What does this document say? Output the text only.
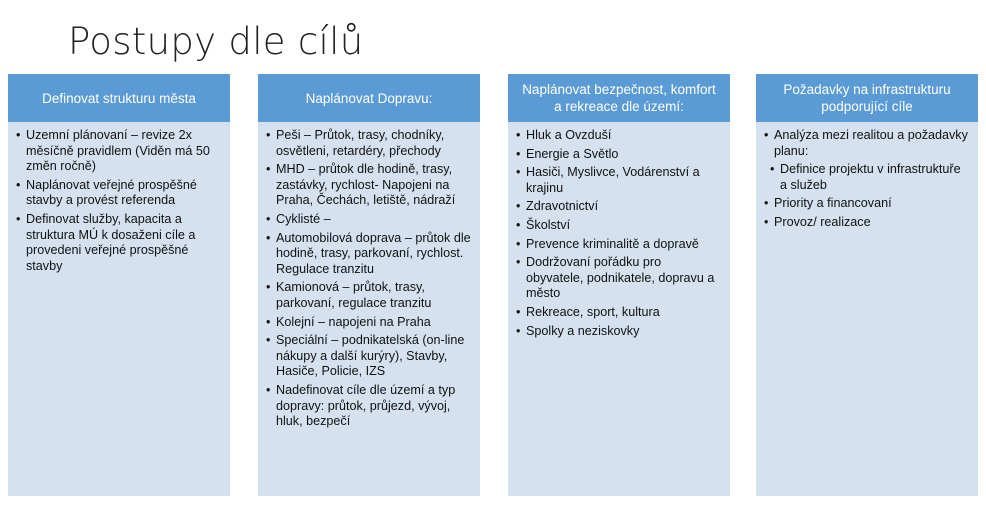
Postupy dle cílů
Definovat strukturu města
• Uzemní plánovaní – revize 2x měsíčně pravidlem (Viděn má 50 změn ročně)
• Naplánovat veřejné prospěšné stavby a provést referenda
• Definovat služby, kapacita a struktura MÚ k dosaženi cíle a provedeni veřejné prospěšné stavby
Naplánovat Dopravu:
• Peši – Průtok, trasy, chodníky, osvětleni, retardéry, přechody
• MHD – průtok dle hodině, trasy, zastávky, rychlost- Napojeni na Praha, Čechách, letiště, nádraží
• Cyklisté –
• Automobilová doprava – průtok dle hodině, trasy, parkovaní, rychlost. Regulace tranzitu
• Kamionová – průtok, trasy, parkovaní, regulace tranzitu
• Kolejní – napojeni na Praha
• Speciální – podnikatelská (on-line nákupy a další kurýry), Stavby, Hasiče, Policie, IZS
• Nadefinovat cíle dle území a typ dopravy: průtok, průjezd, vývoj, hluk, bezpečí
Naplánovat bezpečnost, komfort a rekreace dle území:
• Hluk a Ovzduší
• Energie a Světlo
• Hasiči, Myslivce, Vodárenství a krajinu
• Zdravotnictví
• Školství
• Prevence kriminalitě a dopravě
• Dodržovaní pořádku pro obyvatele, podnikatele, dopravu a město
• Rekreace, sport, kultura
• Spolky a neziskovky
Požadavky na infrastrukturu podporující cíle
• Analýza mezi realitou a požadavky planu:
• Definice projektu v infrastruktuře a služeb
• Priority a financovaní
• Provoz/ realizace
